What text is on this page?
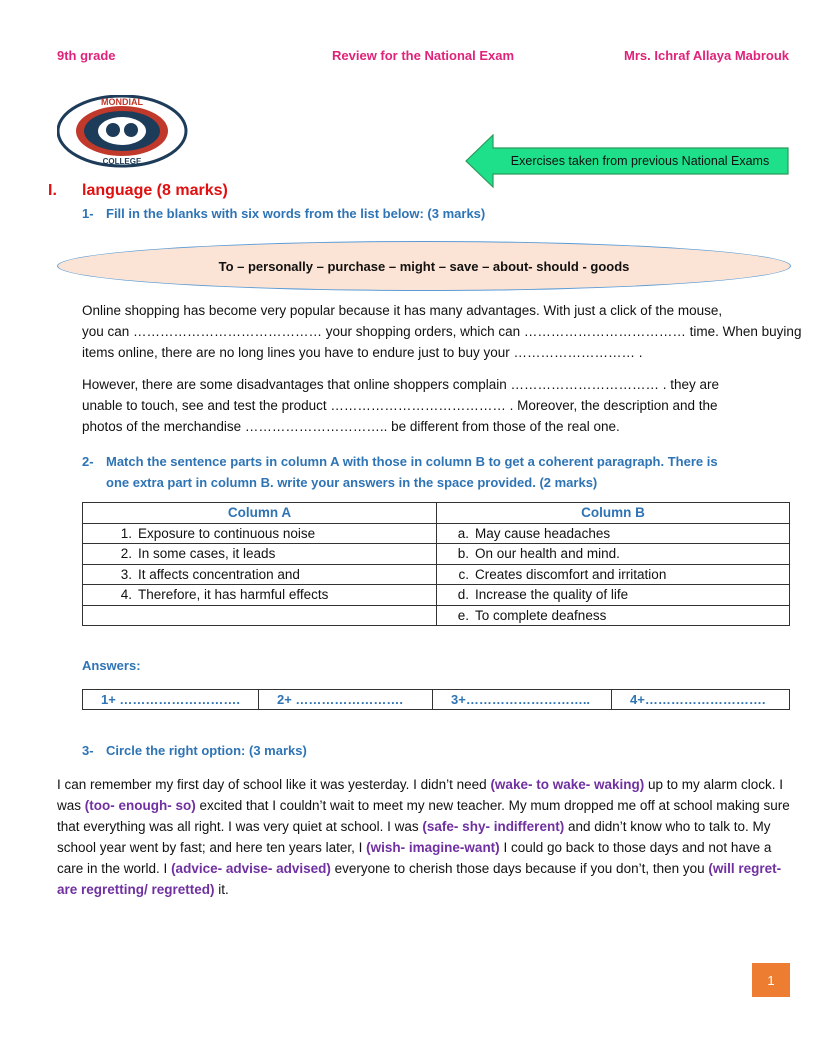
9th grade	Review for the National Exam	Mrs. Ichraf Allaya Mabrouk
MONDIAL
COLLEGE	Exercises taken from previous National Exams
I. language (8 marks)
1- Fill in the blanks with six words from the list below: (3 marks)
To – personally – purchase – might – save – about- should - goods
Online shopping has become very popular because it has many advantages. With just a click of the mouse,
you can …………………………………… your shopping orders, which can ……………………………… time. When buying
items online, there are no long lines you have to endure just to buy your ……………………… .
However, there are some disadvantages that online shoppers complain …………………………… . they are
unable to touch, see and test the product ………………………………… . Moreover, the description and the
photos of the merchandise ………………………….. be different from those of the real one.
2- Match the sentence parts in column A with those in column B to get a coherent paragraph. There is
one extra part in column B. write your answers in the space provided. (2 marks)
Column A	Column B
1. Exposure to continuous noise	a. May cause headaches
2. In some cases, it leads	b. On our health and mind.
3. It affects concentration and	c. Creates discomfort and irritation
4. Therefore, it has harmful effects	d. Increase the quality of life
	e. To complete deafness
Answers:
1+ ……………………….	2+ …………………….	3+………………………..	4+……………………….
3- Circle the right option: (3 marks)
I can remember my first day of school like it was yesterday. I didn’t need (wake- to wake- waking) up to my alarm clock. I was (too- enough- so) excited that I couldn’t wait to meet my new teacher. My mum dropped me off at school making sure that everything was all right. I was very quiet at school. I was (safe- shy- indifferent) and didn’t know who to talk to. My school year went by fast; and here ten years later, I (wish- imagine-want) I could go back to those days and not have a care in the world. I (advice- advise- advised) everyone to cherish those days because if you don’t, then you (will regret- are regretting/ regretted) it.
1
